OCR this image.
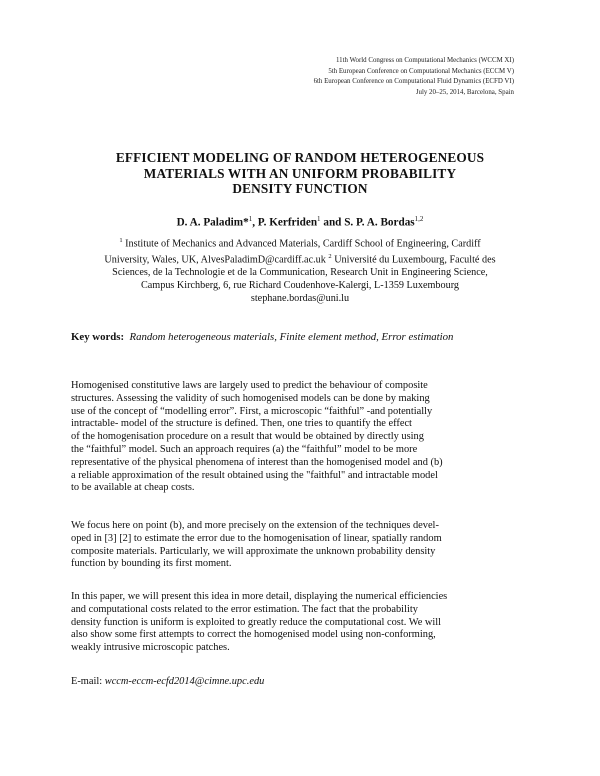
11th World Congress on Computational Mechanics (WCCM XI)
5th European Conference on Computational Mechanics (ECCM V)
6th European Conference on Computational Fluid Dynamics (ECFD VI)
July 20–25, 2014, Barcelona, Spain
EFFICIENT MODELING OF RANDOM HETEROGENEOUS
MATERIALS WITH AN UNIFORM PROBABILITY
DENSITY FUNCTION
D. A. Paladim*$^1$, P. Kerfriden$^1$ and S. P. A. Bordas$^{1,2}$
$^1$ Institute of Mechanics and Advanced Materials, Cardiff School of Engineering, Cardiff
University, Wales, UK, AlvesPaladimD@cardiff.ac.uk $^2$ Université du Luxembourg, Faculté des
Sciences, de la Technologie et de la Communication, Research Unit in Engineering Science,
Campus Kirchberg, 6, rue Richard Coudenhove-Kalergi, L-1359 Luxembourg
stephane.bordas@uni.lu
Key words: Random heterogeneous materials, Finite element method, Error estimation
Homogenised constitutive laws are largely used to predict the behaviour of composite
structures. Assessing the validity of such homogenised models can be done by making
use of the concept of “modelling error”. First, a microscopic “faithful” -and potentially
intractable- model of the structure is defined. Then, one tries to quantify the effect
of the homogenisation procedure on a result that would be obtained by directly using
the “faithful” model. Such an approach requires (a) the “faithful” model to be more
representative of the physical phenomena of interest than the homogenised model and (b)
a reliable approximation of the result obtained using the "faithful" and intractable model
to be available at cheap costs.
We focus here on point (b), and more precisely on the extension of the techniques devel-
oped in [3] [2] to estimate the error due to the homogenisation of linear, spatially random
composite materials. Particularly, we will approximate the unknown probability density
function by bounding its first moment.
In this paper, we will present this idea in more detail, displaying the numerical efficiencies
and computational costs related to the error estimation. The fact that the probability
density function is uniform is exploited to greatly reduce the computational cost. We will
also show some first attempts to correct the homogenised model using non-conforming,
weakly intrusive microscopic patches.
E-mail: wccm-eccm-ecfd2014@cimne.upc.edu
